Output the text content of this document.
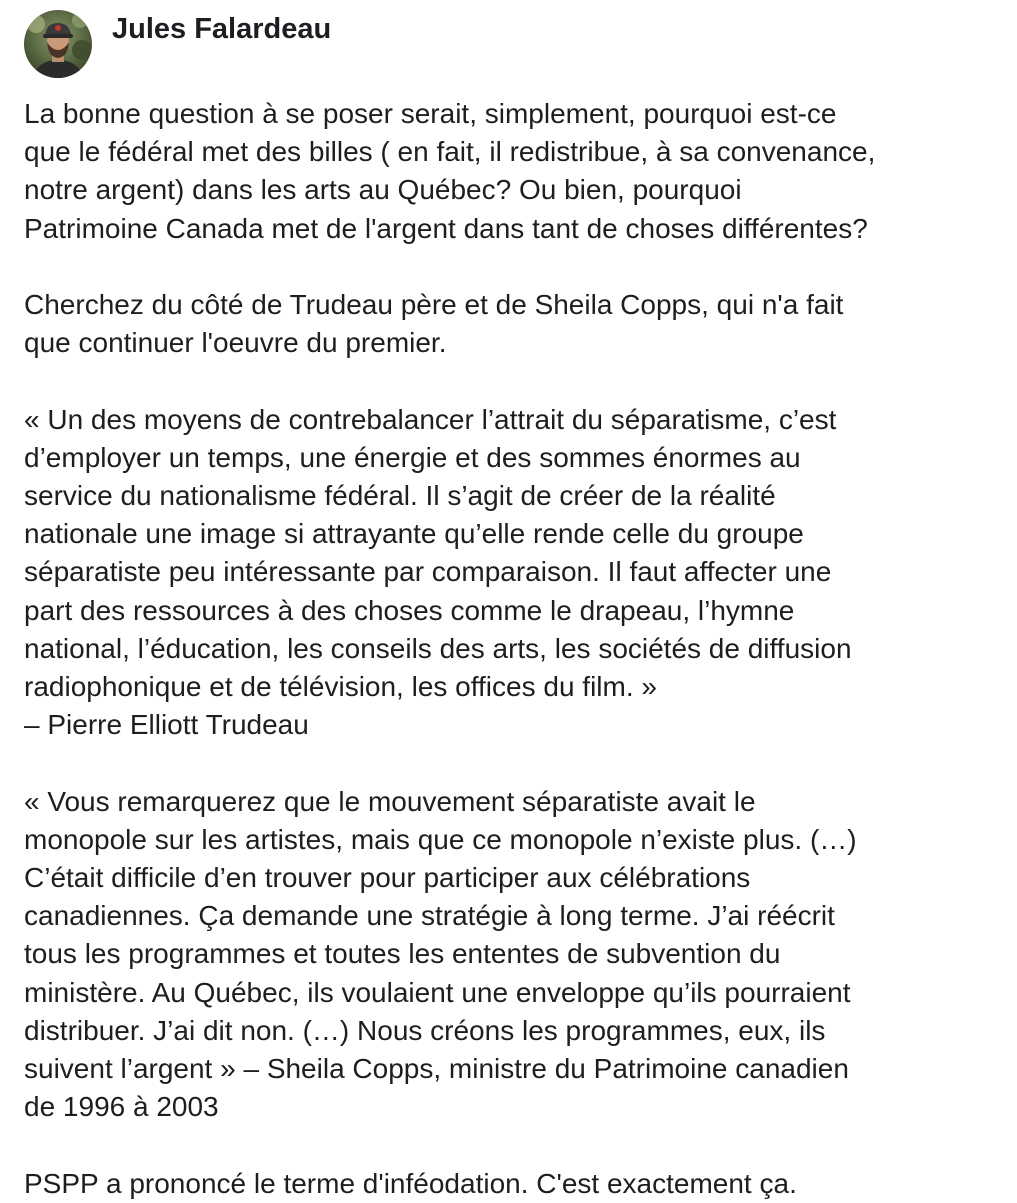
Jules Falardeau

La bonne question à se poser serait, simplement, pourquoi est-ce
que le fédéral met des billes ( en fait, il redistribue, à sa convenance,
notre argent) dans les arts au Québec? Ou bien, pourquoi
Patrimoine Canada met de l'argent dans tant de choses différentes?

Cherchez du côté de Trudeau père et de Sheila Copps, qui n'a fait
que continuer l'oeuvre du premier.

« Un des moyens de contrebalancer l’attrait du séparatisme, c’est
d’employer un temps, une énergie et des sommes énormes au
service du nationalisme fédéral. Il s’agit de créer de la réalité
nationale une image si attrayante qu’elle rende celle du groupe
séparatiste peu intéressante par comparaison. Il faut affecter une
part des ressources à des choses comme le drapeau, l’hymne
national, l’éducation, les conseils des arts, les sociétés de diffusion
radiophonique et de télévision, les offices du film. »
– Pierre Elliott Trudeau

« Vous remarquerez que le mouvement séparatiste avait le
monopole sur les artistes, mais que ce monopole n’existe plus. (…)
C’était difficile d’en trouver pour participer aux célébrations
canadiennes. Ça demande une stratégie à long terme. J’ai réécrit
tous les programmes et toutes les ententes de subvention du
ministère. Au Québec, ils voulaient une enveloppe qu’ils pourraient
distribuer. J’ai dit non. (…) Nous créons les programmes, eux, ils
suivent l’argent » – Sheila Copps, ministre du Patrimoine canadien
de 1996 à 2003

PSPP a prononcé le terme d'inféodation. C'est exactement ça.
